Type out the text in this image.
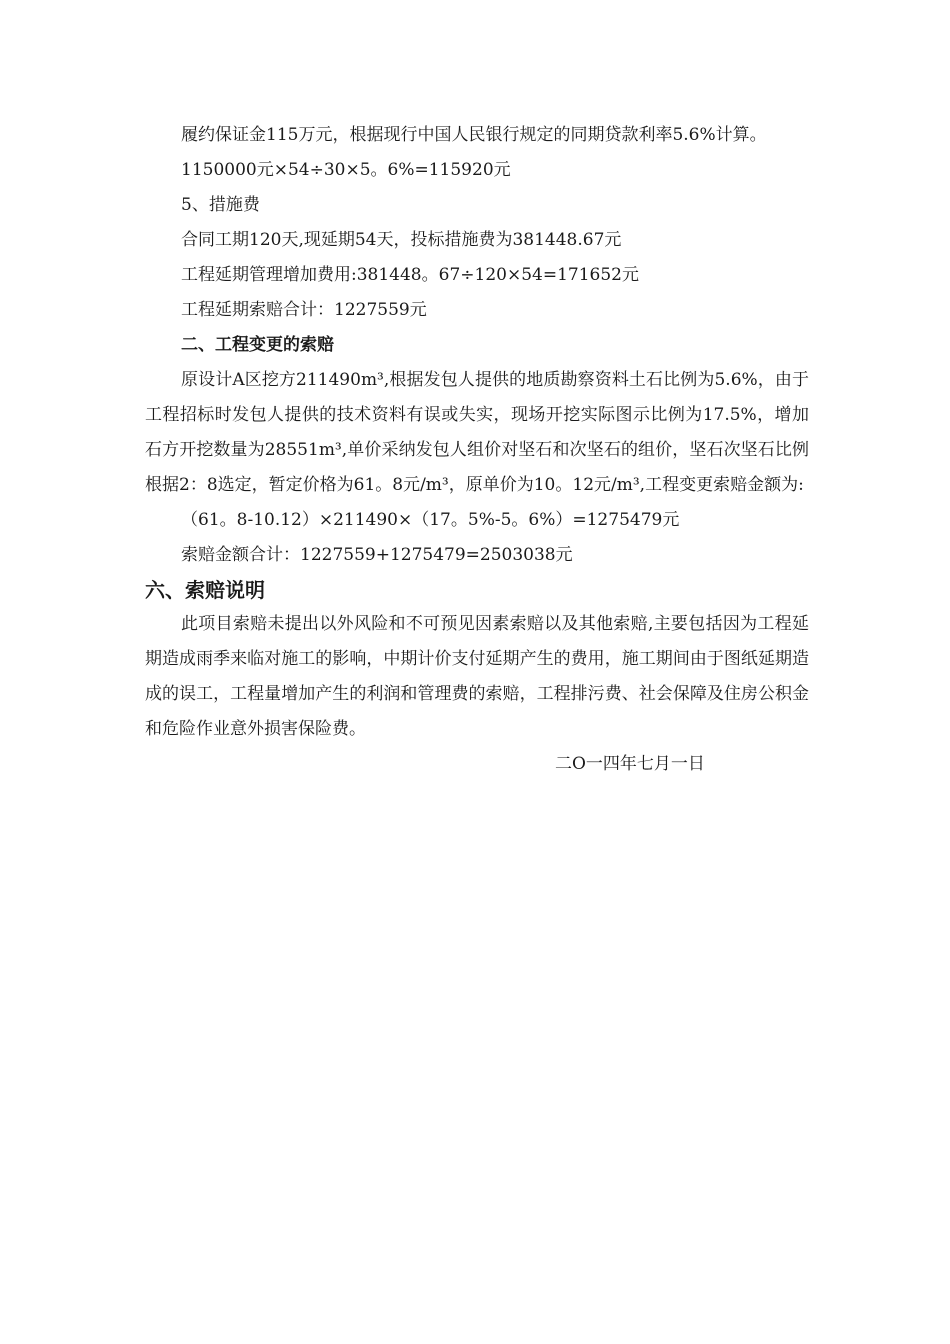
履约保证金115万元，根据现行中国人民银行规定的同期贷款利率5.6%计算。

1150000元×54÷30×5。6%=115920元

5、措施费

合同工期120天,现延期54天，投标措施费为381448.67元

工程延期管理增加费用:381448。67÷120×54=171652元

工程延期索赔合计：1227559元

二、工程变更的索赔

原设计A区挖方211490m³,根据发包人提供的地质勘察资料土石比例为5.6%，由于工程招标时发包人提供的技术资料有误或失实，现场开挖实际图示比例为17.5%，增加石方开挖数量为28551m³,单价采纳发包人组价对坚石和次坚石的组价，坚石次坚石比例根据2：8选定，暂定价格为61。8元/m³，原单价为10。12元/m³,工程变更索赔金额为:

（61。8-10.12）×211490×（17。5%-5。6%）=1275479元

索赔金额合计：1227559+1275479=2503038元

六、索赔说明

此项目索赔未提出以外风险和不可预见因素索赔以及其他索赔,主要包括因为工程延期造成雨季来临对施工的影响，中期计价支付延期产生的费用，施工期间由于图纸延期造成的误工，工程量增加产生的利润和管理费的索赔，工程排污费、社会保障及住房公积金和危险作业意外损害保险费。

二O一四年七月一日
